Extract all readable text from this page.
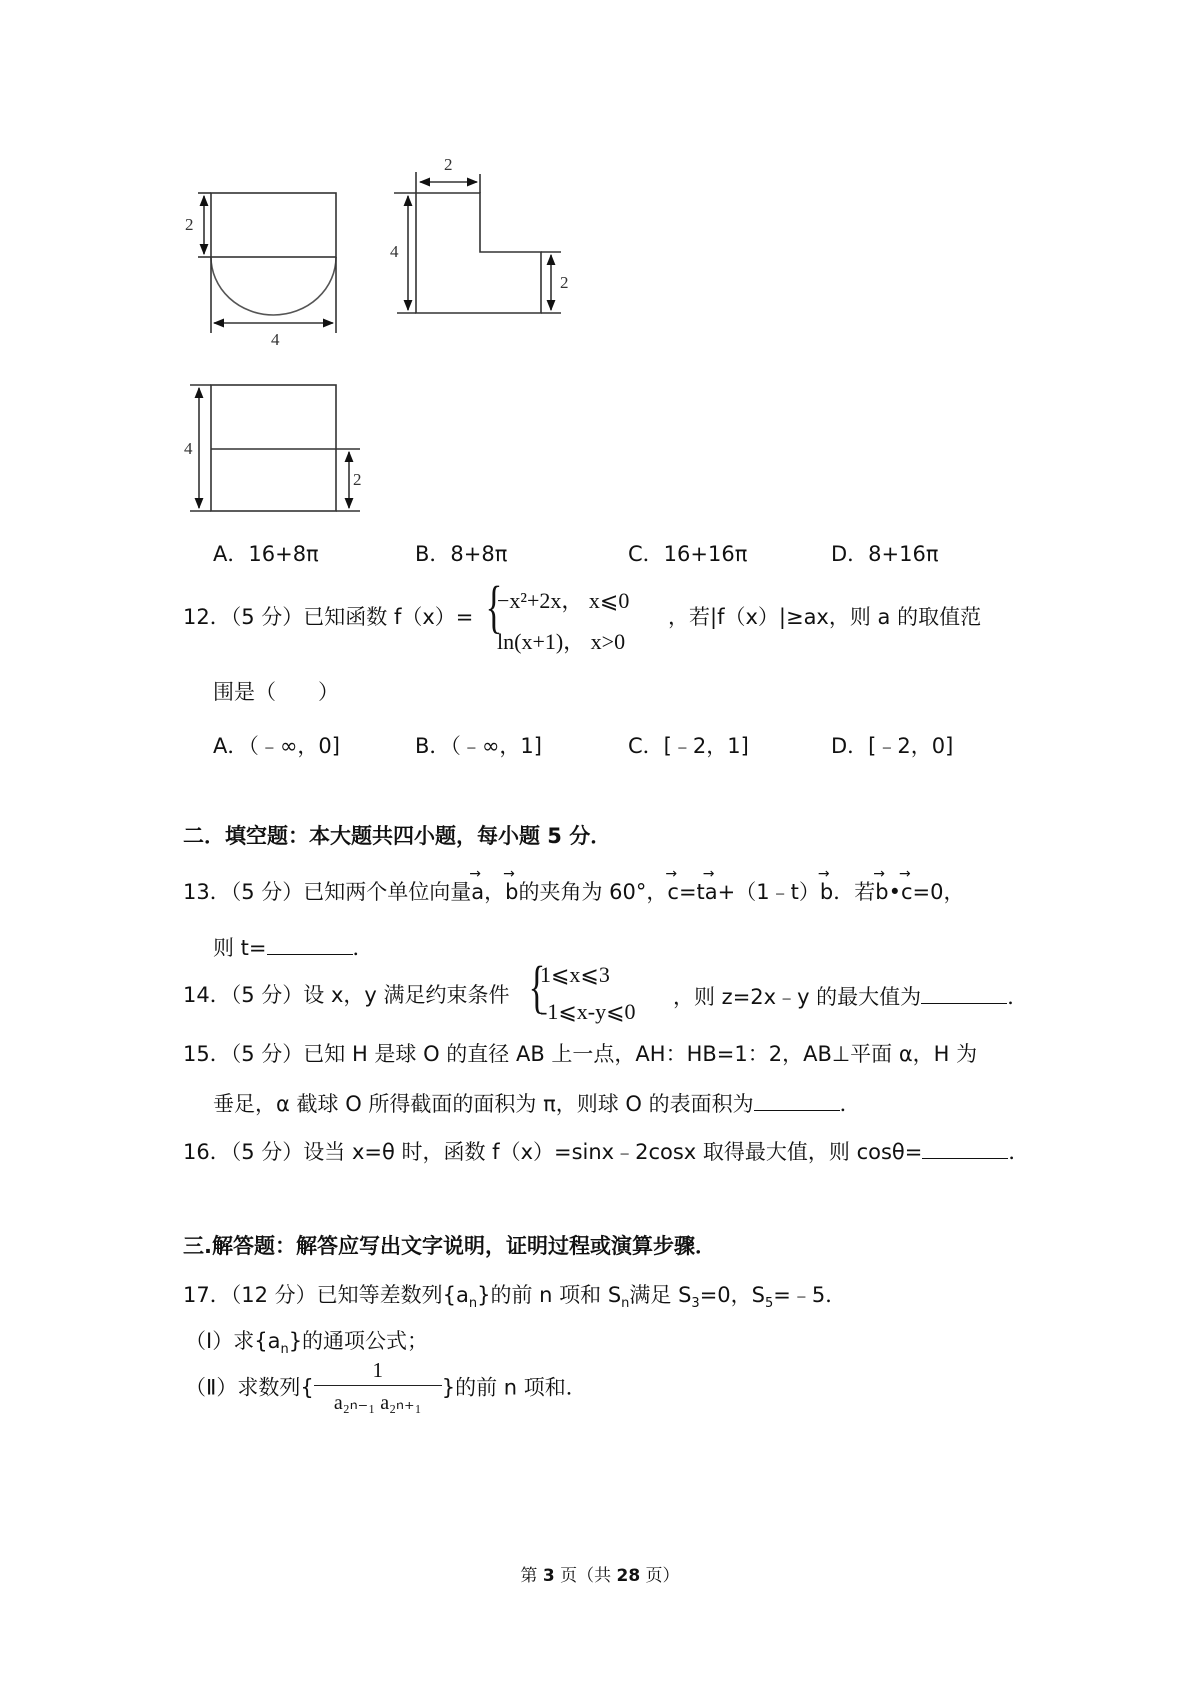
2
4
2
4
2
4
2
A．16+8π	B．8+8π	C．16+16π	D．8+16π
12．（5 分）已知函数 f（x）= {
−x²+2x， x⩽0
ln(x+1)， x>0
，若|f（x）|≥ax，则 a 的取值范
围是（　　）
A．（﹣∞，0]	B．（﹣∞，1]	C．[﹣2，1]	D．[﹣2，0]
二．填空题：本大题共四小题，每小题 5 分．
13．（5 分）已知两个单位向量→ a，→ b的夹角为 60°，→ c=t→ a+（1﹣t）→ b．若→ b•→ c=0，
则 t=	．
14．（5 分）设 x，y 满足约束条件 {
1⩽x⩽3
-1⩽x-y⩽0
，则 z=2x﹣y 的最大值为	．
15．（5 分）已知 H 是球 O 的直径 AB 上一点，AH：HB=1：2，AB⊥平面 α，H 为
垂足，α 截球 O 所得截面的面积为 π，则球 O 的表面积为	．
16．（5 分）设当 x=θ 时，函数 f（x）=sinx﹣2cosx 取得最大值，则 cosθ=	．
三.解答题：解答应写出文字说明，证明过程或演算步骤．
17．（12 分）已知等差数列$\{a_n\}$的前 n 项和 $S_n$满足 $S_3=0$，$S_5=﹣5$．
（Ⅰ）求$\{a_n\}$的通项公式；
（Ⅱ）求数列{ $\frac{1}{\text{a₂ₙ₋₁ a₂ₙ₊₁}}$ }的前 n 项和．
第 3 页（共 28 页）
